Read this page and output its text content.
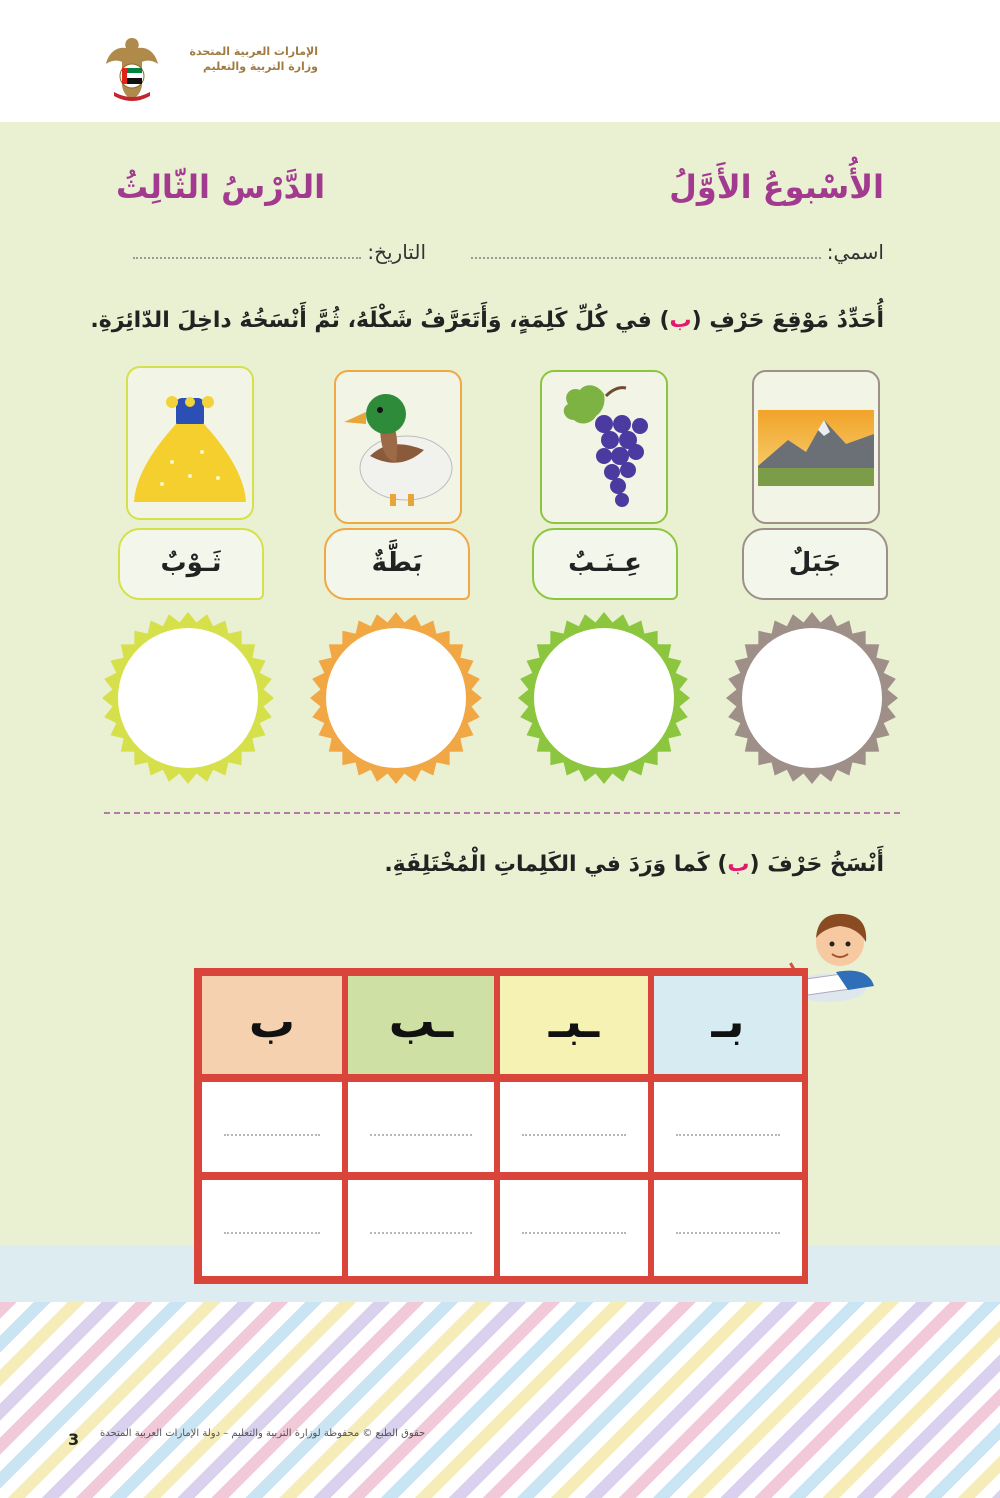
الإمارات العربية المتحدة
وزارة التربية والتعليم
الأُسْبوعُ الأَوَّلُ
الدَّرْسُ الثّالِثُ
اسمي:
التاريخ:
أُحَدِّدُ مَوْقِعَ حَرْفِ (ب) في كُلِّ كَلِمَةٍ، وَأَتَعَرَّفُ شَكْلَهُ، ثُمَّ أَنْسَخُهُ داخِلَ الدّائِرَةِ.
جَبَلٌ
عِـنَـبٌ
بَطَّةٌ
ثَـوْبٌ
أَنْسَخُ حَرْفَ (ب) كَما وَرَدَ في الكَلِماتِ الْمُخْتَلِفَةِ.
بـ
ـبـ
ـب
ب
حقوق الطبع © محفوظة لوزارة التربية والتعليم – دولة الإمارات العربية المتحدة
3
